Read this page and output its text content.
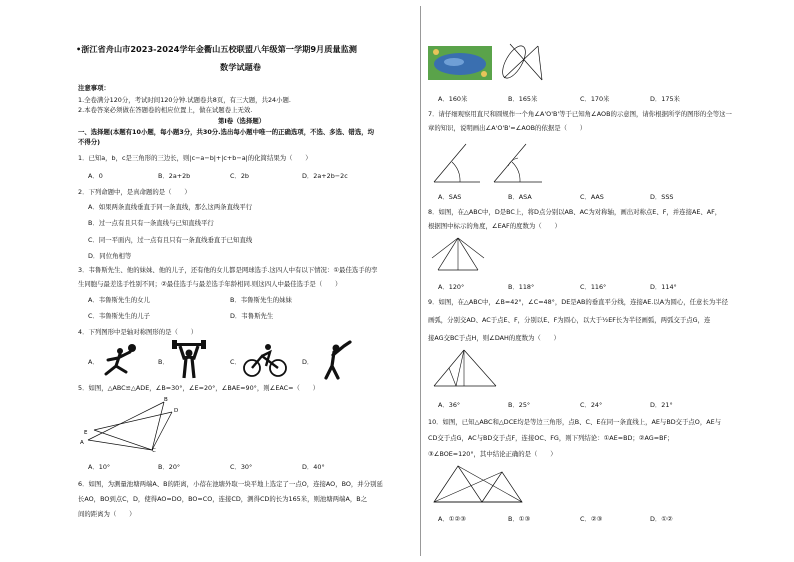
•浙江省舟山市2023-2024学年金衢山五校联盟八年级第一学期9月质量监测
数学试题卷
注意事项：
1.全卷满分120分，考试时间120分钟.试题卷共8页，有三大题，共24小题.
2.本卷答案必须做在答题卷的相应位置上，做在试题卷上无效.
第Ⅰ卷（选择题）
一、选择题(本题有10小题，每小题3分，共30分.选出每小题中唯一的正确选项，不选、多选、错选，均
不得分)
1．已知a，b，c是三角形的三边长，则|c−a−b|+|c+b−a|的化简结果为（　　）
A．0	B．2a+2b	C．2b	D．2a+2b−2c
2．下列命题中，是真命题的是（　　）
A．如果两条直线垂直于同一条直线，那么这两条直线平行
B．过一点有且只有一条直线与已知直线平行
C．同一平面内，过一点有且只有一条直线垂直于已知直线
D．同位角相等
3．韦鲁斯先生、他的妹妹、他的儿子，还有他的女儿都是网球选手.这四人中有以下情况：①最佳选手的孪
生同胞与最差选手性别不同；②最佳选手与最差选手年龄相同.则这四人中最佳选手是（　　）
A．韦鲁斯先生的女儿	B．韦鲁斯先生的妹妹
C．韦鲁斯先生的儿子	D．韦鲁斯先生
4．下列图形中是轴对称图形的是（　　）
A．	B．	C．	D．
5．如图，△ABC≌△ADE，∠B=30°，∠E=20°，∠BAE=90°，则∠EAC=（　　）
B
D
E
A
C
A．10°	B．20°	C．30°	D．40°
6．如图，为测量池塘两端A、B的距离，小蓓在池塘外取一块平地上选定了一点O，连接AO，BO，并分别延
长AO，BO到点C，D，使得AO=DO，BO=CO，连接CD，测得CD的长为165米，则池塘两端A，B之
间的距离为（　　）
A．160米	B．165米	C．170米	D．175米
7．请仔细观察用直尺和圆规作一个角∠A'O'B'等于已知角∠AOB的示意图，请你根据所学的图形的全等这一
章的知识，说明画出∠A'O'B'=∠AOB的依据是（　　）
A．SAS	B．ASA	C．AAS	D．SSS
8．如图，在△ABC中，D是BC上，将D点分别以AB、AC为对称轴，画出对称点E、F，并连接AE、AF，
根据图中标示的角度，∠EAF的度数为（　　）
A．120°	B．118°	C．116°	D．114°
9．如图，在△ABC中，∠B=42°，∠C=48°，DE是AB的垂直平分线，连接AE.以A为圆心，任意长为半径
画弧，分别交AD、AC于点E、F，分别以E、F为圆心，以大于½EF长为半径画弧，两弧交于点G，连
接AG交BC于点H，则∠DAH的度数为（　　）
A．36°	B．25°	C．24°	D．21°
10．如图，已知△ABC和△DCE均是等边三角形，点B、C、E在同一条直线上，AE与BD交于点O，AE与
CD交于点G，AC与BD交于点F，连接OC、FG，则下列结论：①AE=BD；②AG=BF；
③∠BOE=120°，其中结论正确的是（　　）
A．①②③	B．①③	C．②③	D．①②
